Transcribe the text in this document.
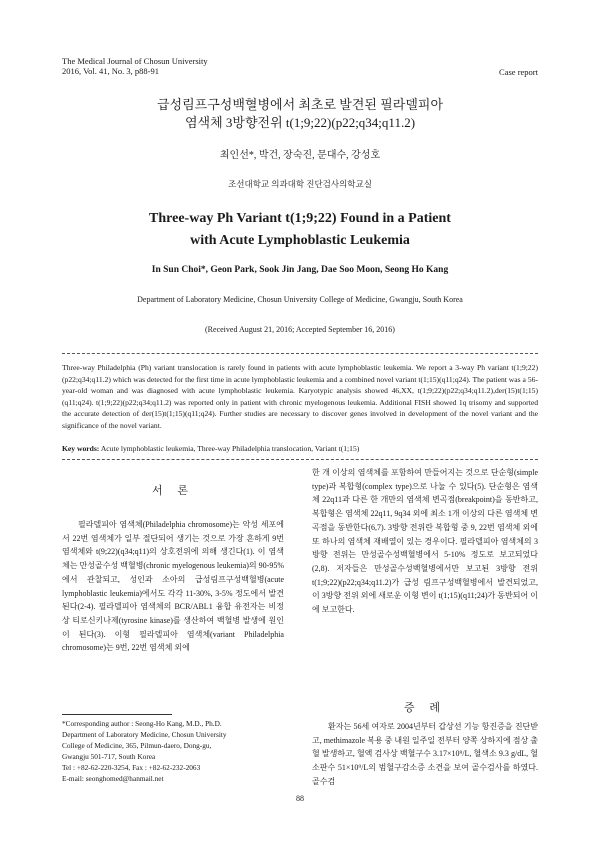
The Medical Journal of Chosun University
2016, Vol. 41, No. 3, p88-91	Case report
급성림프구성백혈병에서 최초로 발견된 필라델피아
염색체 3방향전위 t(1;9;22)(p22;q34;q11.2)
최인선*, 박건, 장숙진, 문대수, 강성호
조선대학교 의과대학 진단검사의학교실
Three-way Ph Variant t(1;9;22) Found in a Patient
with Acute Lymphoblastic Leukemia
In Sun Choi*, Geon Park, Sook Jin Jang, Dae Soo Moon, Seong Ho Kang
Department of Laboratory Medicine, Chosun University College of Medicine, Gwangju, South Korea
(Received August 21, 2016; Accepted September 16, 2016)
Three-way Philadelphia (Ph) variant translocation is rarely found in patients with acute lymphoblastic leukemia. We report a 3-way Ph variant t(1;9;22)(p22;q34;q11.2) which was detected for the first time in acute lymphoblastic leukemia and a combined novel variant t(1;15)(q11;q24). The patient was a 56-year-old woman and was diagnosed with acute lymphoblastic leukemia. Karyotypic analysis showed 46,XX, t(1;9;22)(p22;q34;q11.2),der(15)t(1;15)(q11;q24). t(1;9;22)(p22;q34;q11.2) was reported only in patient with chronic myelogenous leukemia. Additional FISH showed 1q trisomy and supported the accurate detection of der(15)t(1;15)(q11;q24). Further studies are necessary to discover genes involved in development of the novel variant and the significance of the novel variant.
Key words: Acute lymphoblastic leukemia, Three-way Philadelphia translocation, Variant t(1;15)
서 론

필라델피아 염색체(Philadelphia chromosome)는 악성 세포에서 22번 염색체가 일부 절단되어 생기는 것으로 가장 흔하게 9번 염색체와 t(9;22)(q34;q11)의 상호전위에 의해 생긴다(1). 이 염색체는 만성골수성 백혈병(chronic myelogenous leukemia)의 90-95%에서 관찰되고, 성인과 소아의 급성림프구성백혈병(acute lymphoblastic leukemia)에서도 각각 11-30%, 3-5% 정도에서 발견된다(2-4). 필라델피아 염색체의 BCR/ABL1 융합 유전자는 비정상 티로신키나제(tyrosine kinase)를 생산하여 백혈병 발생에 원인이 된다(3). 이형 필라델피아 염색체(variant Philadelphia chromosome)는 9번, 22번 염색체 외에

한 개 이상의 염색체를 포함하여 만들어지는 것으로 단순형(simple type)과 복합형(complex type)으로 나눌 수 있다(5). 단순형은 염색체 22q11과 다른 한 개만의 염색체 변곡점(breakpoint)을 동반하고, 복합형은 염색체 22q11, 9q34 외에 최소 1개 이상의 다른 염색체 변곡점을 동반한다(6,7). 3방향 전위란 복합형 중 9, 22번 염색체 외에 또 하나의 염색체 재배열이 있는 경우이다. 필라델피아 염색체의 3방향 전위는 만성골수성백혈병에서 5-10% 정도로 보고되었다(2,8). 저자들은 만성골수성백혈병에서만 보고된 3방향 전위 t(1;9;22)(p22;q34;q11.2)가 급성 림프구성백혈병에서 발견되었고, 이 3방향 전위 외에 새로운 이형 변이 t(1;15)(q11;24)가 동반되어 이에 보고한다.

증 례

환자는 56세 여자로 2004년부터 갑상선 기능 항진증을 진단받고, methimazole 복용 중 내원 일주일 전부터 양쪽 상하지에 점상 출혈 발생하고, 혈액 검사상 백혈구수 3.17×10⁹/L, 혈색소 9.3 g/dL, 혈소판수 51×10⁹/L의 범혈구감소증 소견을 보여 골수검사를 하였다. 골수검

*Corresponding author : Seong-Ho Kang, M.D., Ph.D.
Department of Laboratory Medicine, Chosun University
College of Medicine, 365, Pilmun-daero, Dong-gu,
Gwangju 501-717, South Korea
Tel : +82-62-220-3254, Fax : +82-62-232-2063
E-mail: seonghomed@hanmail.net
88
